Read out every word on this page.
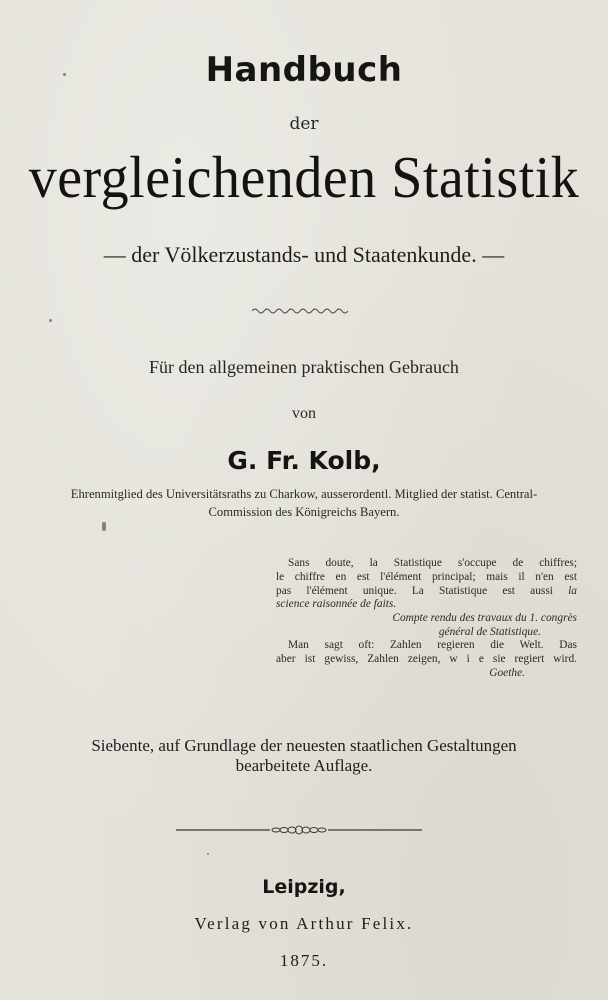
Handbuch
der
vergleichenden Statistik
— der Völkerzustands- und Staatenkunde. —
Für den allgemeinen praktischen Gebrauch
von
G. Fr. Kolb,
Ehrenmitglied des Universitätsraths zu Charkow, ausserordentl. Mitglied der statist. Central-
Commission des Königreichs Bayern.
Sans doute, la Statistique s'occupe de chiffres;
le chiffre en est l'élément principal; mais il n'en est
pas l'élément unique. La Statistique est aussi la
science raisonnée de faits.
Compte rendu des travaux du 1. congrès
général de Statistique.
Man sagt oft: Zahlen regieren die Welt. Das
aber ist gewiss, Zahlen zeigen, w i e sie regiert wird.
Goethe.
Siebente, auf Grundlage der neuesten staatlichen Gestaltungen
bearbeitete Auflage.
Leipzig,
Verlag von Arthur Felix.
1875.
